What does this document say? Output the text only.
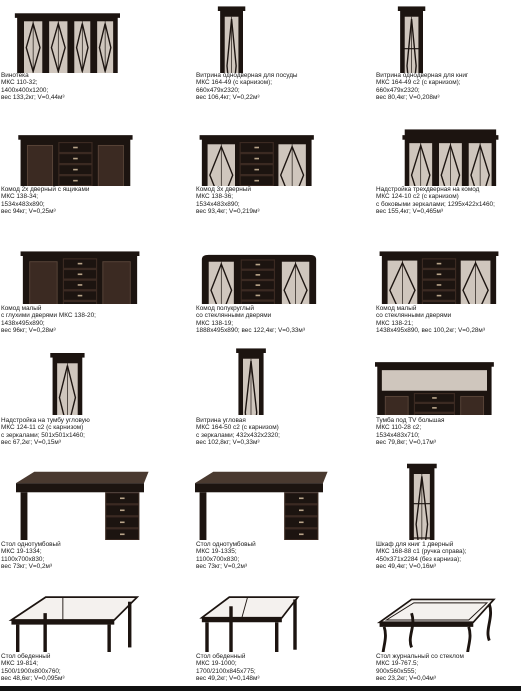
Винотека
МКС 110-32;
1400х400х1200;
вес 133,2кг; V=0,44м³
Витрина однодверная для посуды
МКС 164-49 (с карнизом);
660х479х2320;
вес 106,4кг; V=0,22м³
Витрина однодверная для книг
МКС 164-49 с2 (с карнизом);
660х479х2320;
вес 80,4кг; V=0,208м³
Комод 2х дверный с ящиками
МКС 138-34;
1534х483х890;
вес 94кг; V=0,25м³
Комод 3х дверный
МКС 138-36;
1534х483х890;
вес 93,4кг; V=0,219м³
Надстройка трехдверная на комод
МКС 124-10 с2 (с карнизом)
с боковыми зеркалами; 1295х422х1460;
вес 155,4кг; V=0,465м³
Комод малый
с глухими дверями МКС 138-20;
1438х495х890;
вес 96кг; V=0,28м³
Комод полукруглый
со стеклянными дверями
МКС 138-19;
1888х495х890; вес 122,4кг; V=0,33м³
Комод малый
со стеклянными дверями
МКС 138-21;
1438х495х890, вес 100,2кг; V=0,28м³
Надстройка на тумбу угловую
МКС 124-11 с2 (с карнизом)
с зеркалами; 501х501х1460;
вес 67,2кг; V=0,15м³
Витрина угловая
МКС 164-50 с2 (с карнизом)
с зеркалами; 432х432х2320;
вес 102,8кг; V=0,33м³
Тумба под TV большая
МКС 110-28 с2;
1534х483х710;
вес 79,8кг; V=0,17м³
Стол однотумбовый
МКС 19-1334;
1100х700х830;
вес 73кг; V=0,2м³
Стол однотумбовый
МКС 19-1335;
1100х700х830;
вес 73кг; V=0,2м³
Шкаф для книг 1 дверный
МКС 168-88 с1 (ручка справа);
450х371х2284 (без карниза);
вес 49,4кг; V=0,16м³
Стол обеденный
МКС 19-814;
1500/1900х800х760;
вес 48,6кг; V=0,095м³
Стол обеденный
МКС 19-1000;
1700/2100х845х775;
вес 49,2кг; V=0,148м³
Стол журнальный со стеклом
МКС 19-767.5;
900х560х555;
вес 23,2кг; V=0,04м³
